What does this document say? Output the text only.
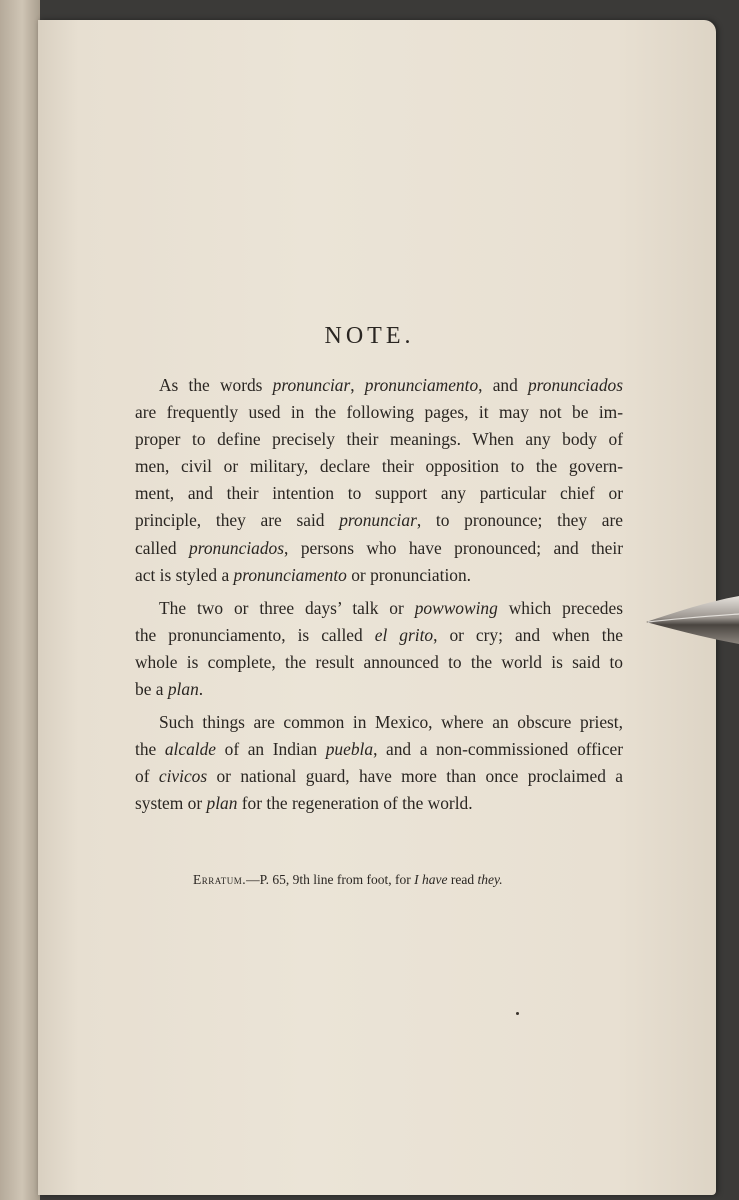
NOTE.
As the words pronunciar, pronunciamento, and pronunciados
are frequently used in the following pages, it may not be im-
proper to define precisely their meanings. When any body of
men, civil or military, declare their opposition to the govern-
ment, and their intention to support any particular chief or
principle, they are said pronunciar, to pronounce; they are
called pronunciados, persons who have pronounced; and their
act is styled a pronunciamento or pronunciation.
The two or three days’ talk or powwowing which precedes
the pronunciamento, is called el grito, or cry; and when the
whole is complete, the result announced to the world is said to
be a plan.
Such things are common in Mexico, where an obscure priest,
the alcalde of an Indian puebla, and a non-commissioned officer
of civicos or national guard, have more than once proclaimed a
system or plan for the regeneration of the world.
Erratum.—P. 65, 9th line from foot, for I have read they.
